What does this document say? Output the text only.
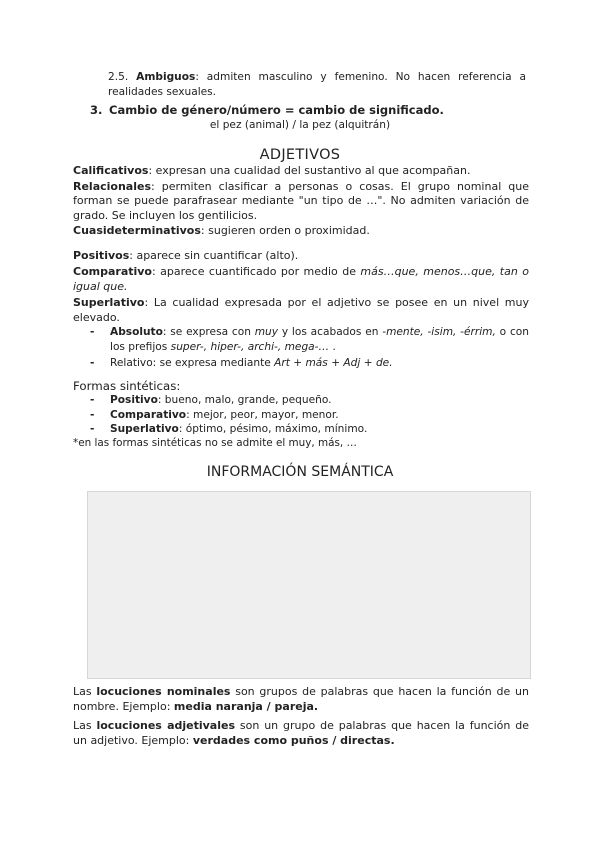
2.5. Ambiguos: admiten masculino y femenino. No hacen referencia a realidades sexuales.

3. Cambio de género/número = cambio de significado.

el pez (animal) / la pez (alquitrán)

ADJETIVOS

Calificativos: expresan una cualidad del sustantivo al que acompañan.

Relacionales: permiten clasificar a personas o cosas. El grupo nominal que forman se puede parafrasear mediante "un tipo de …". No admiten variación de grado. Se incluyen los gentilicios.

Cuasideterminativos: sugieren orden o proximidad.

Positivos: aparece sin cuantificar (alto).

Comparativo: aparece cuantificado por medio de más…que, menos…que, tan o igual que.

Superlativo: La cualidad expresada por el adjetivo se posee en un nivel muy elevado.

- Absoluto: se expresa con muy y los acabados en -mente, -isim, -érrim, o con los prefijos super-, hiper-, archi-, mega-… .
- Relativo: se expresa mediante Art + más + Adj + de.

Formas sintéticas:

- Positivo: bueno, malo, grande, pequeño.
- Comparativo: mejor, peor, mayor, menor.
- Superlativo: óptimo, pésimo, máximo, mínimo.

*en las formas sintéticas no se admite el muy, más, …

INFORMACIÓN SEMÁNTICA

Las locuciones nominales son grupos de palabras que hacen la función de un nombre. Ejemplo: media naranja / pareja.

Las locuciones adjetivales son un grupo de palabras que hacen la función de un adjetivo. Ejemplo: verdades como puños / directas.
